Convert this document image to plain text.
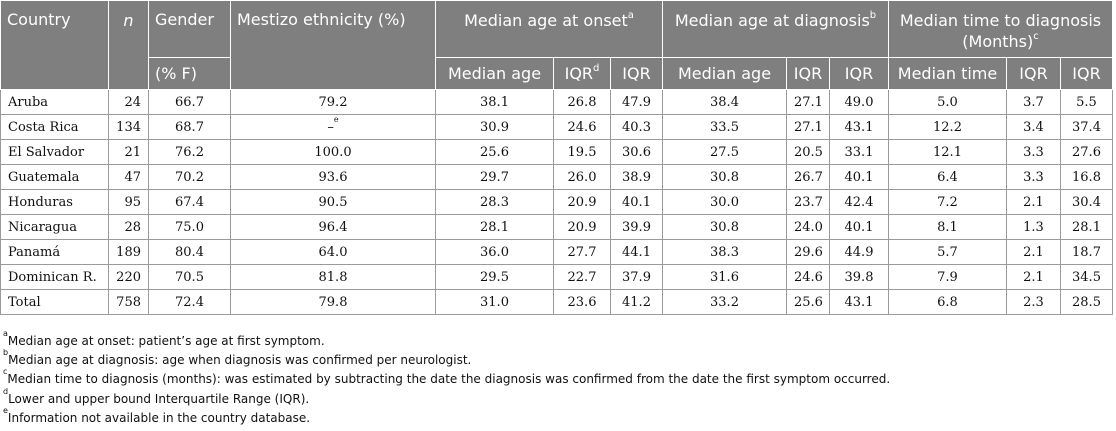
Country	n	Gender	Mestizo ethnicity (%)	Median age at onset$^a$			Median age at diagnosis$^b$			Median time to diagnosis (Months)$^c$
		(% F)		Median age	IQR$^d$	IQR	Median age	IQR	IQR	Median time	IQR	IQR
Aruba	24	66.7	79.2	38.1	26.8	47.9	38.4	27.1	49.0	5.0	3.7	5.5
Costa Rica	134	68.7	–$^e$	30.9	24.6	40.3	33.5	27.1	43.1	12.2	3.4	37.4
El Salvador	21	76.2	100.0	25.6	19.5	30.6	27.5	20.5	33.1	12.1	3.3	27.6
Guatemala	47	70.2	93.6	29.7	26.0	38.9	30.8	26.7	40.1	6.4	3.3	16.8
Honduras	95	67.4	90.5	28.3	20.9	40.1	30.0	23.7	42.4	7.2	2.1	30.4
Nicaragua	28	75.0	96.4	28.1	20.9	39.9	30.8	24.0	40.1	8.1	1.3	28.1
Panamá	189	80.4	64.0	36.0	27.7	44.1	38.3	29.6	44.9	5.7	2.1	18.7
Dominican R.	220	70.5	81.8	29.5	22.7	37.9	31.6	24.6	39.8	7.9	2.1	34.5
Total	758	72.4	79.8	31.0	23.6	41.2	33.2	25.6	43.1	6.8	2.3	28.5
$^a$Median age at onset: patient’s age at first symptom.
$^b$Median age at diagnosis: age when diagnosis was confirmed per neurologist.
$^c$Median time to diagnosis (months): was estimated by subtracting the date the diagnosis was confirmed from the date the first symptom occurred.
$^d$Lower and upper bound Interquartile Range (IQR).
$^e$Information not available in the country database.
